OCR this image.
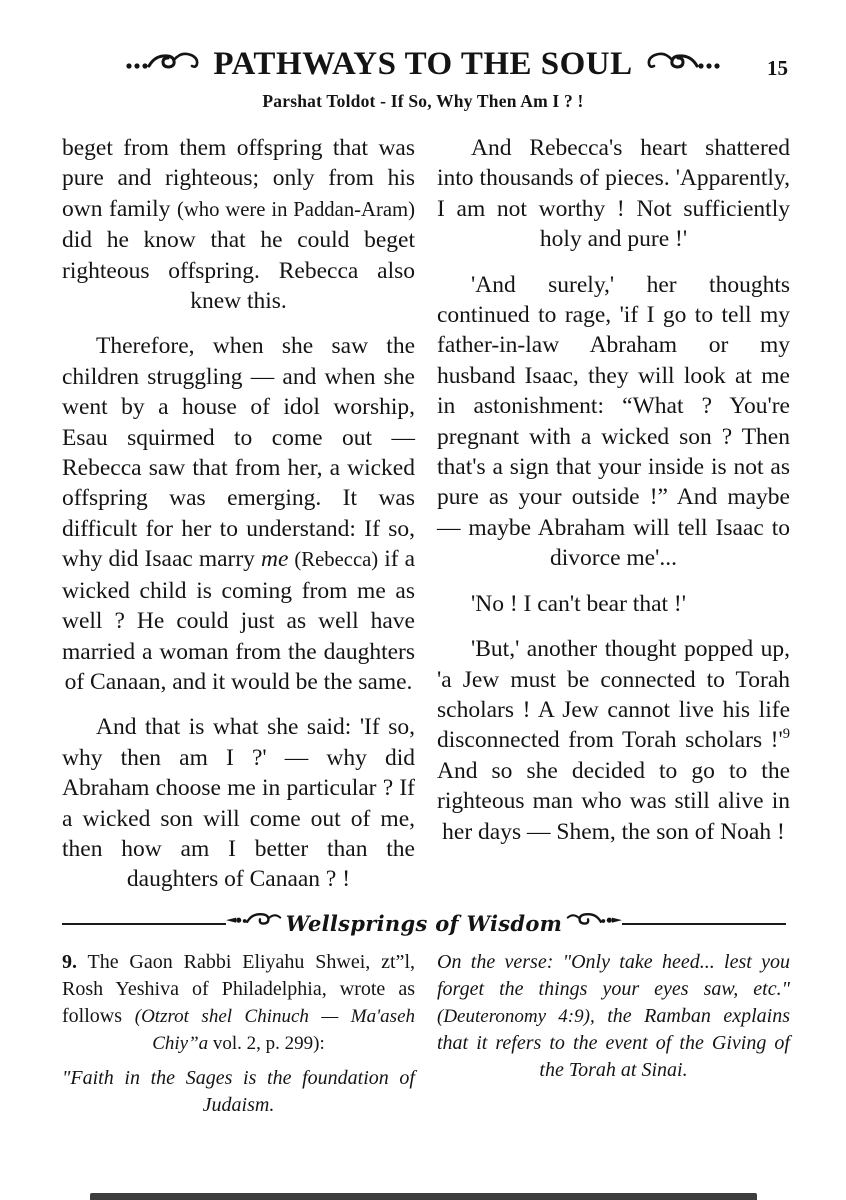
PATHWAYS TO THE SOUL	15
Parshat Toldot - If So, Why Then Am I ? !

beget from them offspring that was pure and righteous; only from his own family (who were in Paddan-Aram) did he know that he could beget righteous offspring. Rebecca also knew this.

Therefore, when she saw the children struggling — and when she went by a house of idol worship, Esau squirmed to come out — Rebecca saw that from her, a wicked offspring was emerging. It was difficult for her to understand: If so, why did Isaac marry me (Rebecca) if a wicked child is coming from me as well ? He could just as well have married a woman from the daughters of Canaan, and it would be the same.

And that is what she said: 'If so, why then am I ?' — why did Abraham choose me in particular ? If a wicked son will come out of me, then how am I better than the daughters of Canaan ? !

And Rebecca's heart shattered into thousands of pieces. 'Apparently, I am not worthy ! Not sufficiently holy and pure !'

'And surely,' her thoughts continued to rage, 'if I go to tell my father-in-law Abraham or my husband Isaac, they will look at me in astonishment: “What ? You're pregnant with a wicked son ? Then that's a sign that your inside is not as pure as your outside !” And maybe — maybe Abraham will tell Isaac to divorce me'...

'No ! I can't bear that !'

'But,' another thought popped up, 'a Jew must be connected to Torah scholars ! A Jew cannot live his life disconnected from Torah scholars $!'^9$ And so she decided to go to the righteous man who was still alive in her days — Shem, the son of Noah !

Wellsprings of Wisdom

9. The Gaon Rabbi Eliyahu Shwei, zt”l, Rosh Yeshiva of Philadelphia, wrote as follows (Otzrot shel Chinuch — Ma'aseh Chiy”a vol. 2, p. 299):

"Faith in the Sages is the foundation of Judaism.

On the verse: "Only take heed... lest you forget the things your eyes saw, etc." (Deuteronomy 4:9), the Ramban explains that it refers to the event of the Giving of the Torah at Sinai.
